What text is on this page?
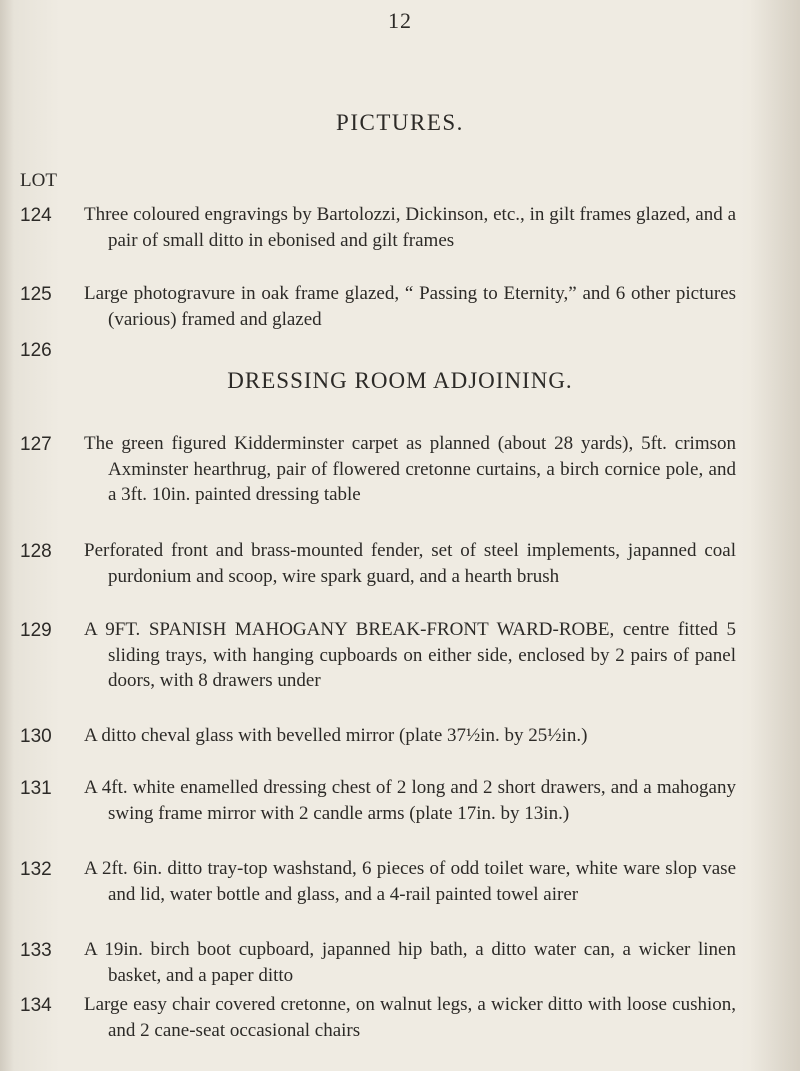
12
PICTURES.
LOT
124	Three coloured engravings by Bartolozzi, Dickinson, etc., in gilt frames glazed, and a pair of small ditto in ebonised and gilt frames
125	Large photogravure in oak frame glazed, “ Passing to Eternity,” and 6 other pictures (various) framed and glazed
126
DRESSING ROOM ADJOINING.
127	The green figured Kidderminster carpet as planned (about 28 yards), 5ft. crimson Axminster hearthrug, pair of flowered cretonne curtains, a birch cornice pole, and a 3ft. 10in. painted dressing table
128	Perforated front and brass-mounted fender, set of steel implements, japanned coal purdonium and scoop, wire spark guard, and a hearth brush
129	A 9FT. SPANISH MAHOGANY BREAK-FRONT WARD-ROBE, centre fitted 5 sliding trays, with hanging cupboards on either side, enclosed by 2 pairs of panel doors, with 8 drawers under
130	A ditto cheval glass with bevelled mirror (plate 37½in. by 25½in.)
131	A 4ft. white enamelled dressing chest of 2 long and 2 short drawers, and a mahogany swing frame mirror with 2 candle arms (plate 17in. by 13in.)
132	A 2ft. 6in. ditto tray-top washstand, 6 pieces of odd toilet ware, white ware slop vase and lid, water bottle and glass, and a 4-rail painted towel airer
133	A 19in. birch boot cupboard, japanned hip bath, a ditto water can, a wicker linen basket, and a paper ditto
134	Large easy chair covered cretonne, on walnut legs, a wicker ditto with loose cushion, and 2 cane-seat occasional chairs
